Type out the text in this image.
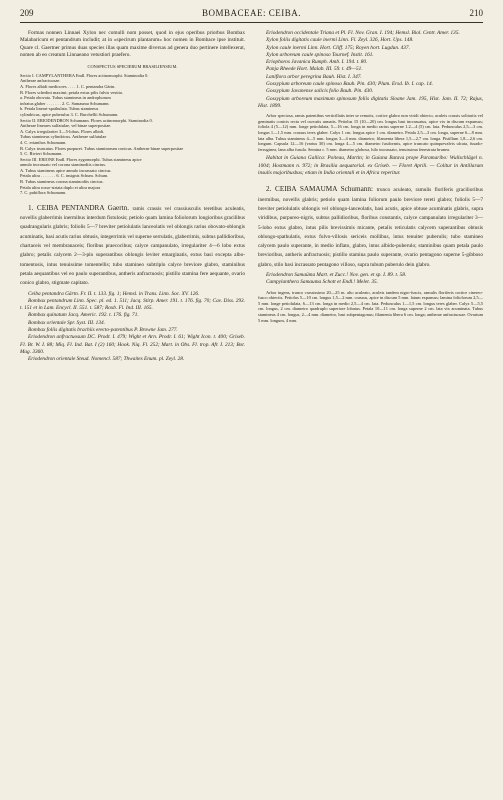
209	BOMBACEAE: CEIBA.	210

Formas nonnen Linnaei Xylon nec comulli nom posset, quod in ejus operibus priorbus Bombax Malabaricum et pentandrum includit; at in »specirum plantarum« hoc nomen in Bombace ipse instituit. Quare cl. Gaertner primus duas species illas quam maxime diversas ad genera duo pertinere intellexerat, nomen ab eo creatum Linnaeano vetustiori praefero.

CONSPECTUS SPECIERUM BRASILIENSIUM.

Sectio I. CAMPYLANTHERA Endl. Flores actinomorphi. Staminodia 0.
Antherae anfractuosae.
A. Flores albidi mediocres . . . . 1. C. pentandra Gärtn.
B. Flores schedini maximi; petala extus pilis fulvis vestita.
a. Petala obovata. Tubus stamineus in androphorum
infratus glaber . . . . . . . 2. C. Samauma Schumann.
b. Petala lineari-spathulata. Tubus stamineus
cylindricus, apice puberulus 3. C. Burchellii Schumann.
Sectio II. ERIODENDRON Schumann. Flores actinomorphi. Staminodia 0.
Antherae lineares sulfatulae, vel binae superpositae.
A. Calyx irregulariter 3—5-lobus. Flores albidi.
Tubus stamineus cylindricus. Antherae sulfatulae
4. C. erianthos Schumann.
B. Calyx truncatus. Flores purpurei. Tubus staminorum conicus. Antherae binae superpositae
5. C. Rivieri Schumann.
Sectio III. ERIONE Endl. Flores zygomorphi. Tubus stamineus apice
annulo incrassato vel corona staminodiis cinctus.
A. Tubus stamineus apice annulo incrassato cinctus.
Petala ultra . . . . . . . 6. C. insignis Schum. Schum.
B. Tubus stamineus corona staminodiis cinctus.
Petala ultra rosso-striata duplo et ultra majora
7. C. pubiflora Schumann.

1. CEIBA PENTANDRA Gaertn. ramis crassis vel crassiusculis teretibus aculeatis, novellis glaberrimis inermibus interdum fistulosis; petiolo quam lamina foliolorum longioribus gracilibus quadrangularis glabris; foliolis 5—7 breviter petiolulatis lanceolatis vel oblongis rarius obovato-oblongis acuminatis, basi acutis rarius obtusis, integerrimis vel superne serrulatis, glaberrimis, subtus pallidioribus, chartaceis vel membranaceis; floribus praecocibus; calyce campanulato, irregulariter 4—6 lobo extus glabro; petalis calycem 2—3-plo superantibus oblongis leviter emarginatis, extus basi excepta albo-tomentosis, intus tenuissime tomentellis; tubo stamineo subtriplo calyce breviore glabro, staminibus petala aequantibus vel eo paulo superantibus, antheris anfractuosis; pistillo stamina fere aequante, ovario conico glabro, stigmate capitato.

Ceiba pentandra Gärtn. Fr. II. t. 133. fig. 1; Hemsl. in Trans. Linn. Soc. XV. 126.

Bombax pentandrum Linn. Spec. pl. ed. 1. 511; Jacq. Stirp. Amer. 191. t. 176. fig. 70; Cav. Diss. 293. t. 151 et in Lam. Encycl. II. 551. t. 587; Roxb. Fl. Ind. III. 165.

Bombax quinatum Jacq. Americ. 192. t. 176. fig. 71.

Bombax orientale Spr. Syst. III. 134.

Bombax foliis digitatis brachiis erecto-patentibus P. Browne Jam. 277.

Eriodendron anfractuosum DC. Prodr. I. 479; Wight et Arn. Prodr. I. 61; Wight Icon. t. 400; Griseb. Fl. Br. W. I. 88; Miq. Fl. Ind. Bat. I (2) 160; Hook. Niq. Fl. 252; Mart. in Obs. Fl. trop. Afr. I. 213; Bot. Mag. 3360.

Eriodendron orientale Steud. Nomencl. 587; Thwaites Enum. pl. Zeyl. 28.

Eriodendron occidentale Triana et Pl. Fl. Nov. Gran. I. 194; Hemsl. Biol. Centr. Amer. 135.

Xylon foliis digitatis caule inermi Linn. Fl. Zeyl. 326, Hort. Ups. 148.

Xylon caule inermi Linn. Hort. Cliff. 175; Royen hort. Lugdun. 437.

Xylon arboreum caule spinoso Tournef. Instit. 161.

Eriophoros Javanica Rumph. Amb. I. 194. t. 80.

Panja Rheede Hort. Malab. III. 59. t. 49—51.

Laniflora arbor peregrina Bauh. Hist. I. 347.

Gossypium arboreum caule spinoso Bauh. Pin. 430; Plum. Ersd. Ib. I. cap. 14.

Gossypium Javanense salicis folio Bauh. Pin. 430.

Gossypium arboreum maximum spinosum foliis digitatis Sloane Jam. 195, Hist. Jam. II. 72; Rajus, Hist. 1899.

Arbor speciosa, ramis patentibus verticillatis inter se remotis, cortice glabro non viridi obtecto, aculeis crassis solitariis vel geminatis conicis recta vel curvatis armatis. Petiolus 15 (10—20) cm. longus basi incrassatus, apice vix in discum expansus; foliola 4 (5—12) mm. longe petiolulata, 5—16 cm. longa in medio rarius superne 1.2—4 (5) cm. lata. Pedunculus 2,5—3 cm. longus 1—1,5 mm. crassus teres glaber. Calyx 1 cm. longus apice 1 cm. diametro. Petala 2,5—3 cm. longa, superne 6—8 mm. lata alba. Tubus stamineus 4—5 mm. longus 3—4 mm. diametro; filamenta libera 1,5—2,7 cm. longa. Pistillum 1,8—2,6 cm. longum. Capsula 12—16 (varius 30) cm. longa 4—5 cm. diametro fusiformis, apice truncato quinquevalvis ulcata, fusado-ferruginea, lana alba fusula. Semina c. 5 mm. diametro globosa, hilo incrassato, tenuissima fenestrata brunea.

Habitat in Guiana Gallica: Poiteau, Martin; in Guiana Batava prope Paramaribo: Wullschlägel n. 1004; Hostmann n. 972; in Brasilia aequatorial. ex Griseb. — Floret Aprili. — Colitur in Antillarum insulis majoribusbus; etiam in India orientali et in Africa reperitur.

2. CEIBA SAMAUMA Schumann: trunco aculeato, ramulis floriferis gracilioribus inermibus, novellis glabris; petiolo quam lamina foliorum paulo breviore tereti glabro; foliolis 5—7 breviter petiolulatis oblongis vel oblongo-lanceolatis, basi acutis, apice obtuse acuminatis glabris, supra viridibus, purpureo-nigris, subtus pallidioribus, floribus constantis, calyce campanulato irregulariter 3—5-lobo extus glabro, intus pilis brevissimis micante, petalis reticulatis calycem superantibus obtusis oblongo-spathulatis, extus fulvo-villosis sericeis mollibus, intus tenuiter puberulis; tubo stamineo calycem paulo superante, in medio inflato, glabro, intus albido-puberulo; staminibus quam petala paulo brevioribus, antheris anfractuosis; pistillo stamina paulo superante, ovario pentagono superne 5-gibboso glabro, stilo basi incrassato pentagono villoso, supra tubum puberulo dein glabro.

Eriodendron Samaüma Mart. et Zucc.! Nov. gen. et sp. I. 89. t. 58.

Campylanthera Samauma Schott et Endl.! Melet. 35.

Arbor ingens, trunco crassissimo 20—25 m. alto aculeato, aculeis tandem nigro-fuscis, ramulis floriferis cortice cinereo-fusco obtectis. Petiolus 5—10 cm. longus 1,5—2 mm. crassus, apice in discum 5 mm. latum expansus; lamina foliolorum 2,5—5 mm. longe petiolulata, 6—13 cm. longa in medio 2,5—4 cm. lata. Pedunculus 1—1,5 cm. longus teres glaber. Calyx 5—5,5 cm. longus, 2 cm. diametro quadruplo superiore lobatus. Petala 10—11 cm. longa superne 2 cm. lata vix acuminata. Tubus stamineus 4 cm. longus, 2—4 mm. diametro, basi subpentagonus; filamenta libera 6 cm. longa; antherae anfractuosae. Ovarium 5 mm. longum, 4 mm.
